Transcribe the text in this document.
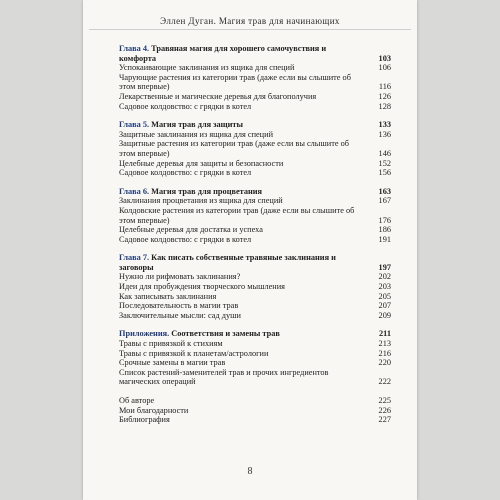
Эллен Дуган. Магия трав для начинающих
Глава 4. Травяная магия для хорошего самочувствия и комфорта	103
Успокаивающие заклинания из ящика для специй	106
Чарующие растения из категории трав (даже если вы слышите об этом впервые)	116
Лекарственные и магические деревья для благополучия	126
Садовое колдовство: с грядки в котел	128
Глава 5. Магия трав для защиты	133
Защитные заклинания из ящика для специй	136
Защитные растения из категории трав (даже если вы слышите об этом впервые)	146
Целебные деревья для защиты и безопасности	152
Садовое колдовство: с грядки в котел	156
Глава 6. Магия трав для процветания	163
Заклинания процветания из ящика для специй	167
Колдовские растения из категории трав (даже если вы слышите об этом впервые)	176
Целебные деревья для достатка и успеха	186
Садовое колдовство: с грядки в котел	191
Глава 7. Как писать собственные травяные заклинания и заговоры	197
Нужно ли рифмовать заклинания?	202
Идеи для пробуждения творческого мышления	203
Как записывать заклинания	205
Последовательность в магии трав	207
Заключительные мысли: сад души	209
Приложения. Соответствия и замены трав	211
Травы с привязкой к стихиям	213
Травы с привязкой к планетам/астрологии	216
Срочные замены в магии трав	220
Список растений-заменителей трав и прочих ингредиентов магических операций	222
Об авторе	225
Мои благодарности	226
Библиография	227
8
